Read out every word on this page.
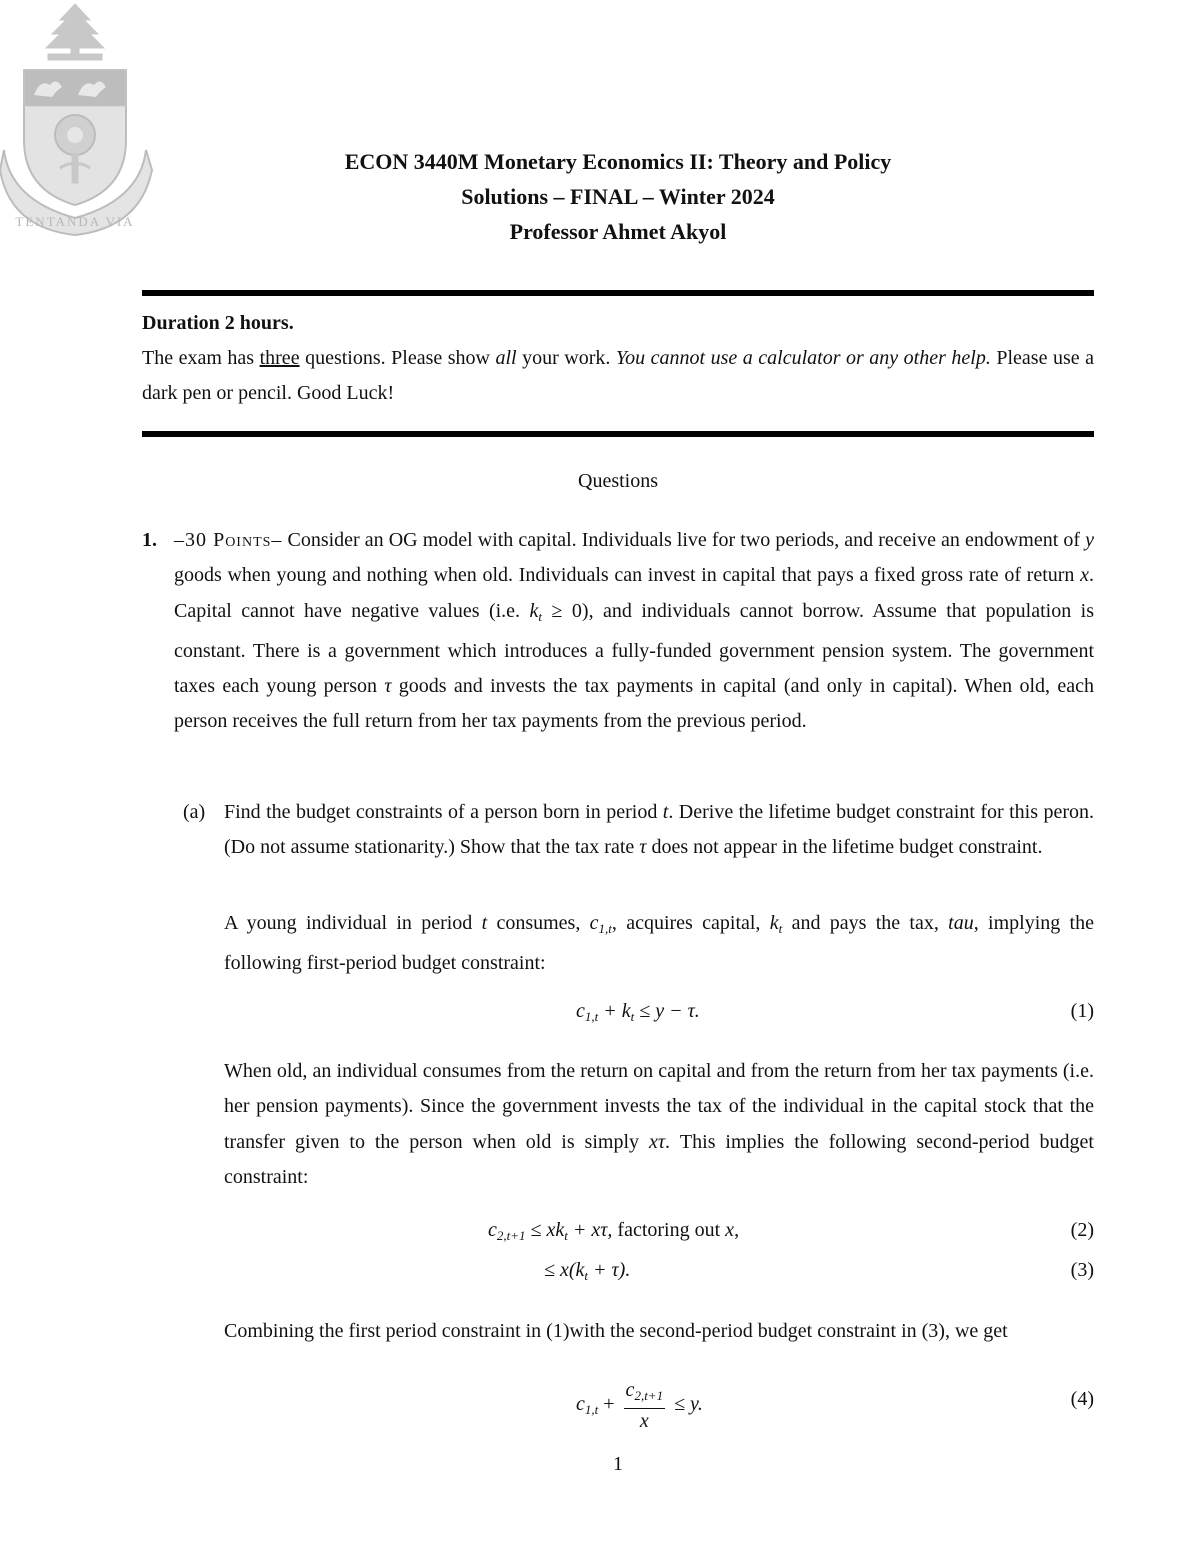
TENTANDA VIA
ECON 3440M Monetary Economics II: Theory and Policy
Solutions – FINAL – Winter 2024
Professor Ahmet Akyol
Duration 2 hours.
The exam has three questions. Please show all your work. You cannot use a calculator or any other help. Please use a dark pen or pencil. Good Luck!
Questions
1. –30 Points– Consider an OG model with capital. Individuals live for two periods, and receive an endowment of y goods when young and nothing when old. Individuals can invest in capital that pays a fixed gross rate of return x. Capital cannot have negative values (i.e. $k_t \ge 0$), and individuals cannot borrow. Assume that population is constant. There is a government which introduces a fully-funded government pension system. The government taxes each young person τ goods and invests the tax payments in capital (and only in capital). When old, each person receives the full return from her tax payments from the previous period.
(a) Find the budget constraints of a person born in period t. Derive the lifetime budget constraint for this peron. (Do not assume stationarity.) Show that the tax rate τ does not appear in the lifetime budget constraint.
A young individual in period t consumes, $c_{1,t}$, acquires capital, $k_t$ and pays the tax, tau, implying the following first-period budget constraint:
$c_{1,t} + k_t \le y - \tau$.	(1)
When old, an individual consumes from the return on capital and from the return from her tax payments (i.e. her pension payments). Since the government invests the tax of the individual in the capital stock that the transfer given to the person when old is simply xτ. This implies the following second-period budget constraint:
$c_{2,t+1} \le xk_t + x\tau$, factoring out x,	(2)
≤ $x(k_t + \tau)$.	(3)
Combining the first period constraint in (1)with the second-period budget constraint in (3), we get
$c_{1,t} + \frac{c_{2,t+1}}{x} \le y$.	(4)
1
